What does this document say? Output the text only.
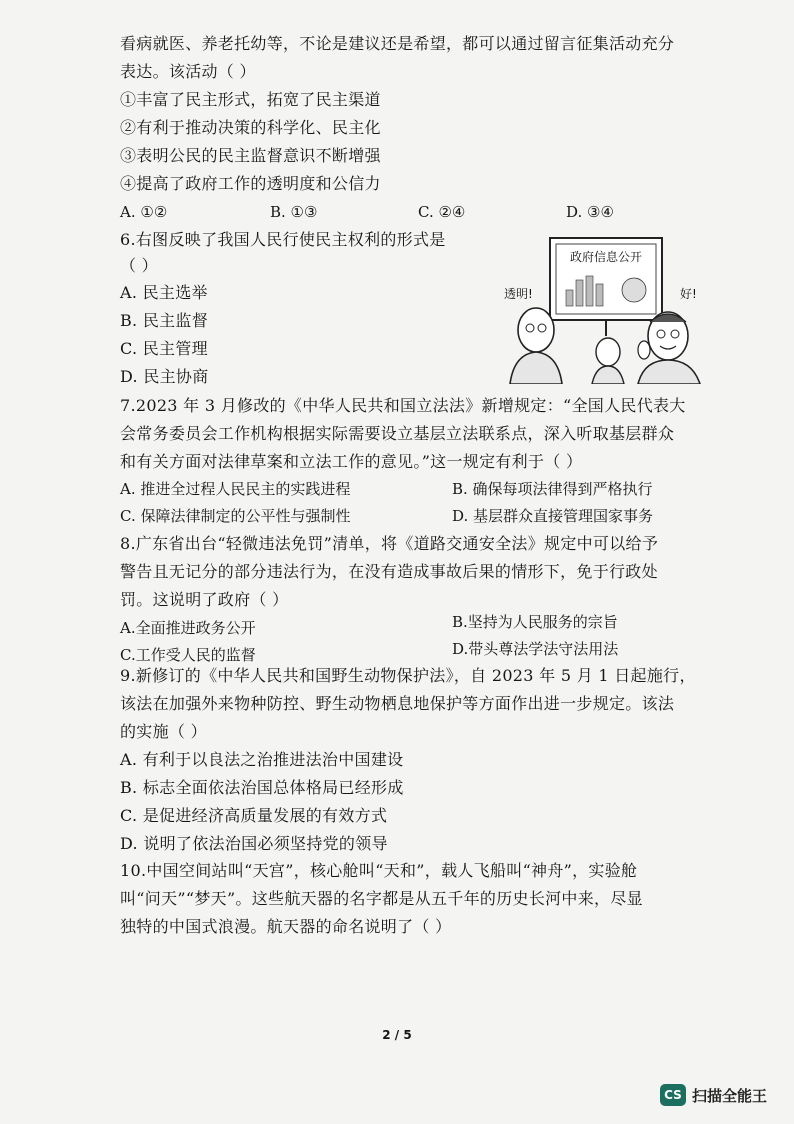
看病就医、养老托幼等，不论是建议还是希望，都可以通过留言征集活动充分
表达。该活动（ ）
①丰富了民主形式，拓宽了民主渠道
②有利于推动决策的科学化、民主化
③表明公民的民主监督意识不断增强
④提高了政府工作的透明度和公信力
A. ①②	B. ①③	C. ②④	D. ③④
6.右图反映了我国人民行使民主权利的形式是
（ ）
A. 民主选举
B. 民主监督
C. 民主管理
D. 民主协商
政府信息公开
透明!	好!
7.2023 年 3 月修改的《中华人民共和国立法法》新增规定：“全国人民代表大
会常务委员会工作机构根据实际需要设立基层立法联系点，深入听取基层群众
和有关方面对法律草案和立法工作的意见。”这一规定有利于（ ）
A. 推进全过程人民民主的实践进程	B. 确保每项法律得到严格执行
C. 保障法律制定的公平性与强制性	D. 基层群众直接管理国家事务
8.广东省出台“轻微违法免罚”清单，将《道路交通安全法》规定中可以给予
警告且无记分的部分违法行为，在没有造成事故后果的情形下，免于行政处
罚。这说明了政府（ ）
A.全面推进政务公开	B.坚持为人民服务的宗旨
C.工作受人民的监督	D.带头尊法学法守法用法
9.新修订的《中华人民共和国野生动物保护法》，自 2023 年 5 月 1 日起施行，
该法在加强外来物种防控、野生动物栖息地保护等方面作出进一步规定。该法
的实施（ ）
A. 有利于以良法之治推进法治中国建设
B. 标志全面依法治国总体格局已经形成
C. 是促进经济高质量发展的有效方式
D. 说明了依法治国必须坚持党的领导
10.中国空间站叫“天宫”，核心舱叫“天和”，载人飞船叫“神舟”，实验舱
叫“问天”“梦天”。这些航天器的名字都是从五千年的历史长河中来，尽显
独特的中国式浪漫。航天器的命名说明了（ ）
2 / 5
CS 扫描全能王
